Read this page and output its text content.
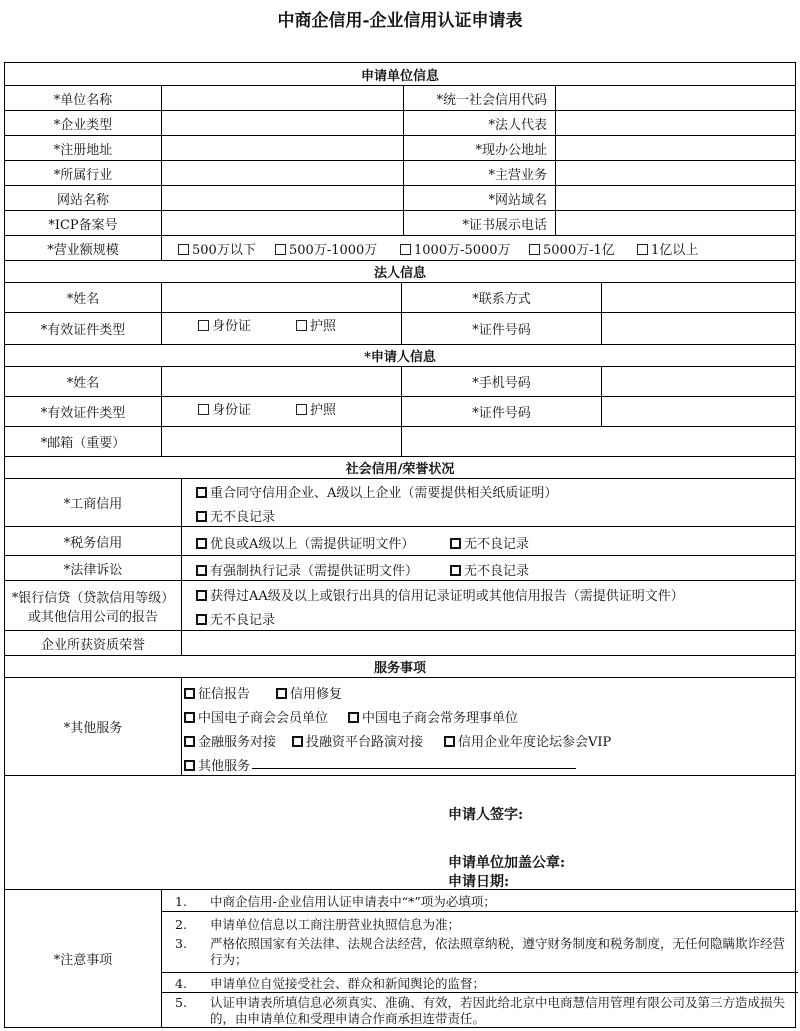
中商企信用-企业信用认证申请表
申请单位信息
*单位名称	*统一社会信用代码
*企业类型	*法人代表
*注册地址	*现办公地址
*所属行业	*主营业务
网站名称	*网站域名
*ICP备案号	*证书展示电话
*营业额规模	500万以下	500万-1000万	1000万-5000万	5000万-1亿	1亿以上
法人信息
*姓名	*联系方式
*有效证件类型	身份证	护照	*证件号码
*申请人信息
*姓名	*手机号码
*有效证件类型	身份证	护照	*证件号码
*邮箱（重要）
社会信用/荣誉状况
*工商信用
重合同守信用企业、A级以上企业（需要提供相关纸质证明）
无不良记录
*税务信用	优良或A级以上（需提供证明文件）	无不良记录
*法律诉讼	有强制执行记录（需提供证明文件）	无不良记录
*银行信贷（贷款信用等级）
或其他信用公司的报告
获得过AA级及以上或银行出具的信用记录证明或其他信用报告（需提供证明文件）
无不良记录
企业所获资质荣誉
服务事项
*其他服务
征信报告	信用修复
中国电子商会会员单位	中国电子商会常务理事单位
金融服务对接	投融资平台路演对接	信用企业年度论坛参会VIP
其他服务
申请人签字:
申请单位加盖公章:
申请日期:
*注意事项
1. 中商企信用-企业信用认证申请表中“*”项为必填项；
2. 申请单位信息以工商注册营业执照信息为准；
3. 严格依照国家有关法律、法规合法经营，依法照章纳税，遵守财务制度和税务制度，无任何隐瞒欺诈经营行为；
4. 申请单位自觉接受社会、群众和新闻舆论的监督；
5. 认证申请表所填信息必须真实、准确、有效，若因此给北京中电商慧信用管理有限公司及第三方造成损失的，由申请单位和受理申请合作商承担连带责任。
